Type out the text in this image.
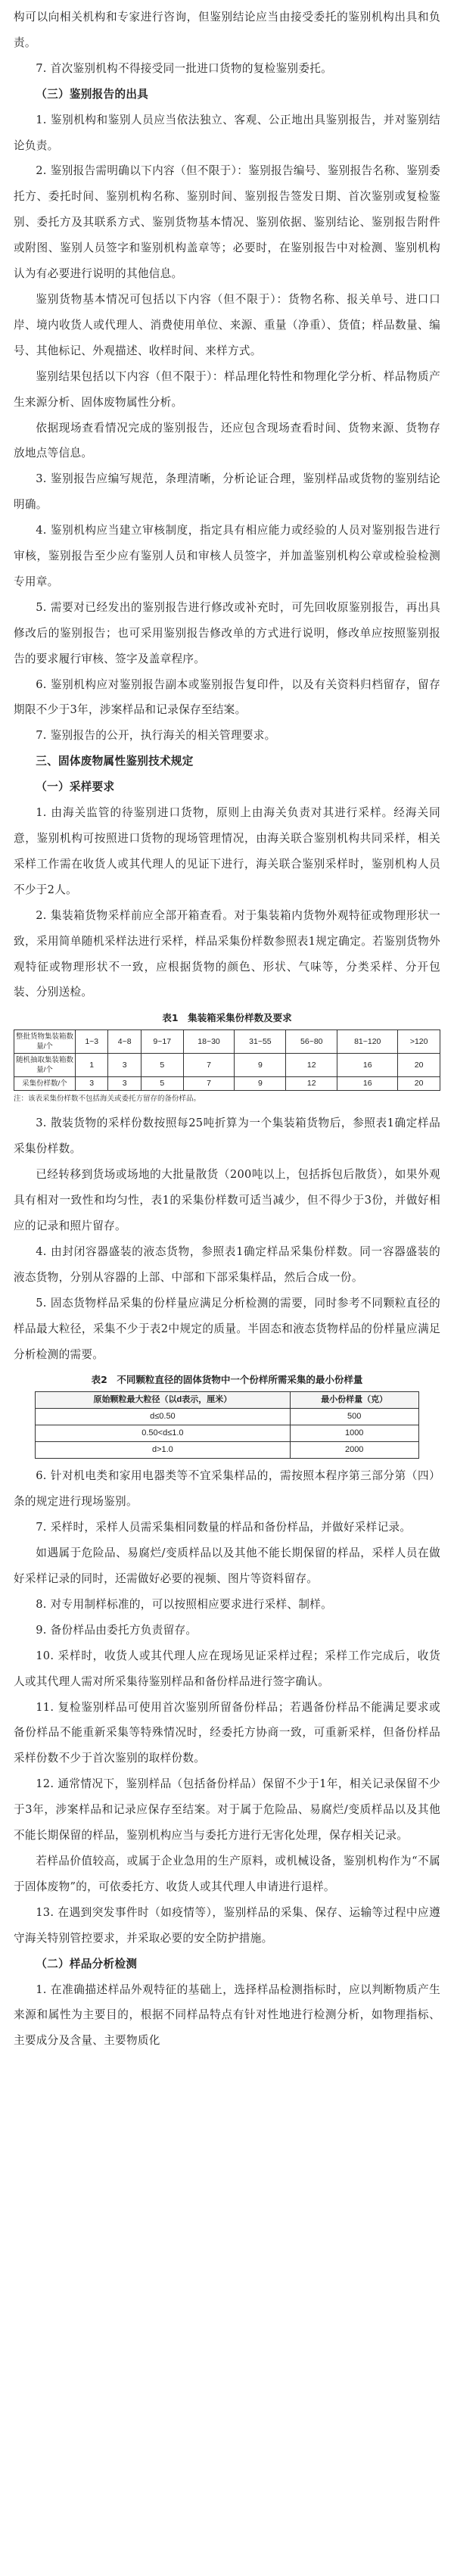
构可以向相关机构和专家进行咨询，但鉴别结论应当由接受委托的鉴别机构出具和负责。

7. 首次鉴别机构不得接受同一批进口货物的复检鉴别委托。

（三）鉴别报告的出具

1. 鉴别机构和鉴别人员应当依法独立、客观、公正地出具鉴别报告，并对鉴别结论负责。

2. 鉴别报告需明确以下内容（但不限于）：鉴别报告编号、鉴别报告名称、鉴别委托方、委托时间、鉴别机构名称、鉴别时间、鉴别报告签发日期、首次鉴别或复检鉴别、委托方及其联系方式、鉴别货物基本情况、鉴别依据、鉴别结论、鉴别报告附件或附图、鉴别人员签字和鉴别机构盖章等；必要时，在鉴别报告中对检测、鉴别机构认为有必要进行说明的其他信息。

鉴别货物基本情况可包括以下内容（但不限于）：货物名称、报关单号、进口口岸、境内收货人或代理人、消费使用单位、来源、重量（净重）、货值；样品数量、编号、其他标记、外观描述、收样时间、来样方式。

鉴别结果包括以下内容（但不限于）：样品理化特性和物理化学分析、样品物质产生来源分析、固体废物属性分析。

依据现场查看情况完成的鉴别报告，还应包含现场查看时间、货物来源、货物存放地点等信息。

3. 鉴别报告应编写规范，条理清晰，分析论证合理，鉴别样品或货物的鉴别结论明确。

4. 鉴别机构应当建立审核制度，指定具有相应能力或经验的人员对鉴别报告进行审核，鉴别报告至少应有鉴别人员和审核人员签字，并加盖鉴别机构公章或检验检测专用章。

5. 需要对已经发出的鉴别报告进行修改或补充时，可先回收原鉴别报告，再出具修改后的鉴别报告；也可采用鉴别报告修改单的方式进行说明，修改单应按照鉴别报告的要求履行审核、签字及盖章程序。

6. 鉴别机构应对鉴别报告副本或鉴别报告复印件，以及有关资料归档留存，留存期限不少于3年，涉案样品和记录保存至结案。

7. 鉴别报告的公开，执行海关的相关管理要求。

三、固体废物属性鉴别技术规定

（一）采样要求

1. 由海关监管的待鉴别进口货物，原则上由海关负责对其进行采样。经海关同意，鉴别机构可按照进口货物的现场管理情况，由海关联合鉴别机构共同采样，相关采样工作需在收货人或其代理人的见证下进行，海关联合鉴别采样时，鉴别机构人员不少于2人。

2. 集装箱货物采样前应全部开箱查看。对于集装箱内货物外观特征或物理形状一致，采用简单随机采样法进行采样，样品采集份样数参照表1规定确定。若鉴别货物外观特征或物理形状不一致，应根据货物的颜色、形状、气味等，分类采样、分开包装、分别送检。

表1　集装箱采集份样数及要求
整批货物集装箱数量/个	1~3	4~8	9~17	18~30	31~55	56~80	81~120	>120
随机抽取集装箱数量/个	1	3	5	7	9	12	16	20
采集份样数/个	3	3	5	7	9	12	16	20
注：该表采集份样数不包括海关或委托方留存的备份样品。

3. 散装货物的采样份数按照每25吨折算为一个集装箱货物后，参照表1确定样品采集份样数。

已经转移到货场或场地的大批量散货（200吨以上，包括拆包后散货），如果外观具有相对一致性和均匀性，表1的采集份样数可适当减少，但不得少于3份，并做好相应的记录和照片留存。

4. 由封闭容器盛装的液态货物，参照表1确定样品采集份样数。同一容器盛装的液态货物，分别从容器的上部、中部和下部采集样品，然后合成一份。

5. 固态货物样品采集的份样量应满足分析检测的需要，同时参考不同颗粒直径的样品最大粒径，采集不少于表2中规定的质量。半固态和液态货物样品的份样量应满足分析检测的需要。

表2　不同颗粒直径的固体货物中一个份样所需采集的最小份样量
原始颗粒最大粒径（以d表示，厘米）	最小份样量（克）
d≤0.50	500
0.50<d≤1.0	1000
d>1.0	2000

6. 针对机电类和家用电器类等不宜采集样品的，需按照本程序第三部分第（四）条的规定进行现场鉴别。

7. 采样时，采样人员需采集相同数量的样品和备份样品，并做好采样记录。

如遇属于危险品、易腐烂/变质样品以及其他不能长期保留的样品，采样人员在做好采样记录的同时，还需做好必要的视频、图片等资料留存。

8. 对专用制样标准的，可以按照相应要求进行采样、制样。

9. 备份样品由委托方负责留存。

10. 采样时，收货人或其代理人应在现场见证采样过程；采样工作完成后，收货人或其代理人需对所采集待鉴别样品和备份样品进行签字确认。

11. 复检鉴别样品可使用首次鉴别所留备份样品；若遇备份样品不能满足要求或备份样品不能重新采集等特殊情况时，经委托方协商一致，可重新采样，但备份样品采样份数不少于首次鉴别的取样份数。

12. 通常情况下，鉴别样品（包括备份样品）保留不少于1年，相关记录保留不少于3年，涉案样品和记录应保存至结案。对于属于危险品、易腐烂/变质样品以及其他不能长期保留的样品，鉴别机构应当与委托方进行无害化处理，保存相关记录。

若样品价值较高，或属于企业急用的生产原料，或机械设备，鉴别机构作为“不属于固体废物”的，可依委托方、收货人或其代理人申请进行退样。

13. 在遇到突发事件时（如疫情等），鉴别样品的采集、保存、运输等过程中应遵守海关特别管控要求，并采取必要的安全防护措施。

（二）样品分析检测

1. 在准确描述样品外观特征的基础上，选择样品检测指标时，应以判断物质产生来源和属性为主要目的，根据不同样品特点有针对性地进行检测分析，如物理指标、主要成分及含量、主要物质化
